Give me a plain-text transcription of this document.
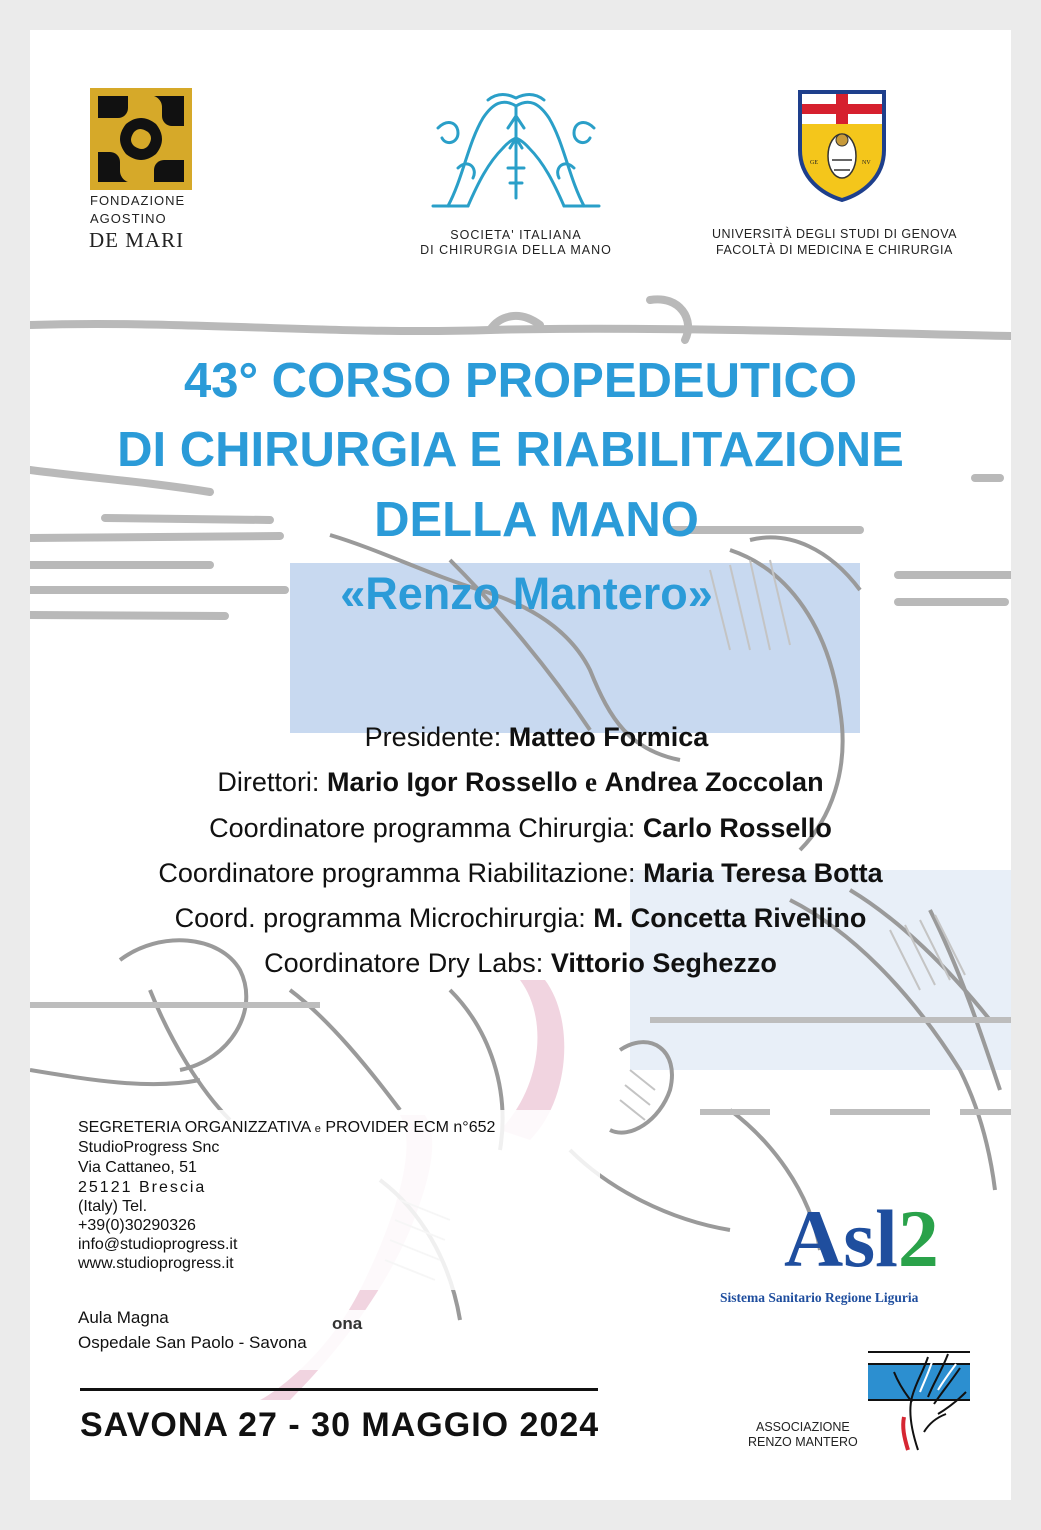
FONDAZIONE
AGOSTINO
DE MARI	SOCIETA' ITALIANA
DI CHIRURGIA DELLA MANO
GE	NV
UNIVERSITÀ DEGLI STUDI DI GENOVA
FACOLTÀ DI MEDICINA E CHIRURGIA
43° CORSO PROPEDEUTICO
DI CHIRURGIA E RIABILITAZIONE
DELLA MANO
«Renzo Mantero»
Presidente: Matteo Formica
Direttori: Mario Igor Rossello e Andrea Zoccolan
Coordinatore programma Chirurgia: Carlo Rossello
Coordinatore programma Riabilitazione: Maria Teresa Botta
Coord. programma Microchirurgia: M. Concetta Rivellino
Coordinatore Dry Labs: Vittorio Seghezzo
SEGRETERIA ORGANIZZATIVA e PROVIDER ECM n°652
StudioProgress Snc
Via Cattaneo, 51
25121 Brescia
(Italy) Tel.
+39(0)30290326
info@studioprogress.it
www.studioprogress.it
Aula Magna
Ospedale San Paolo - Savona
ona
SAVONA 27 - 30 MAGGIO 2024
Asl2
Sistema Sanitario Regione Liguria
ASSOCIAZIONE
RENZO MANTERO
